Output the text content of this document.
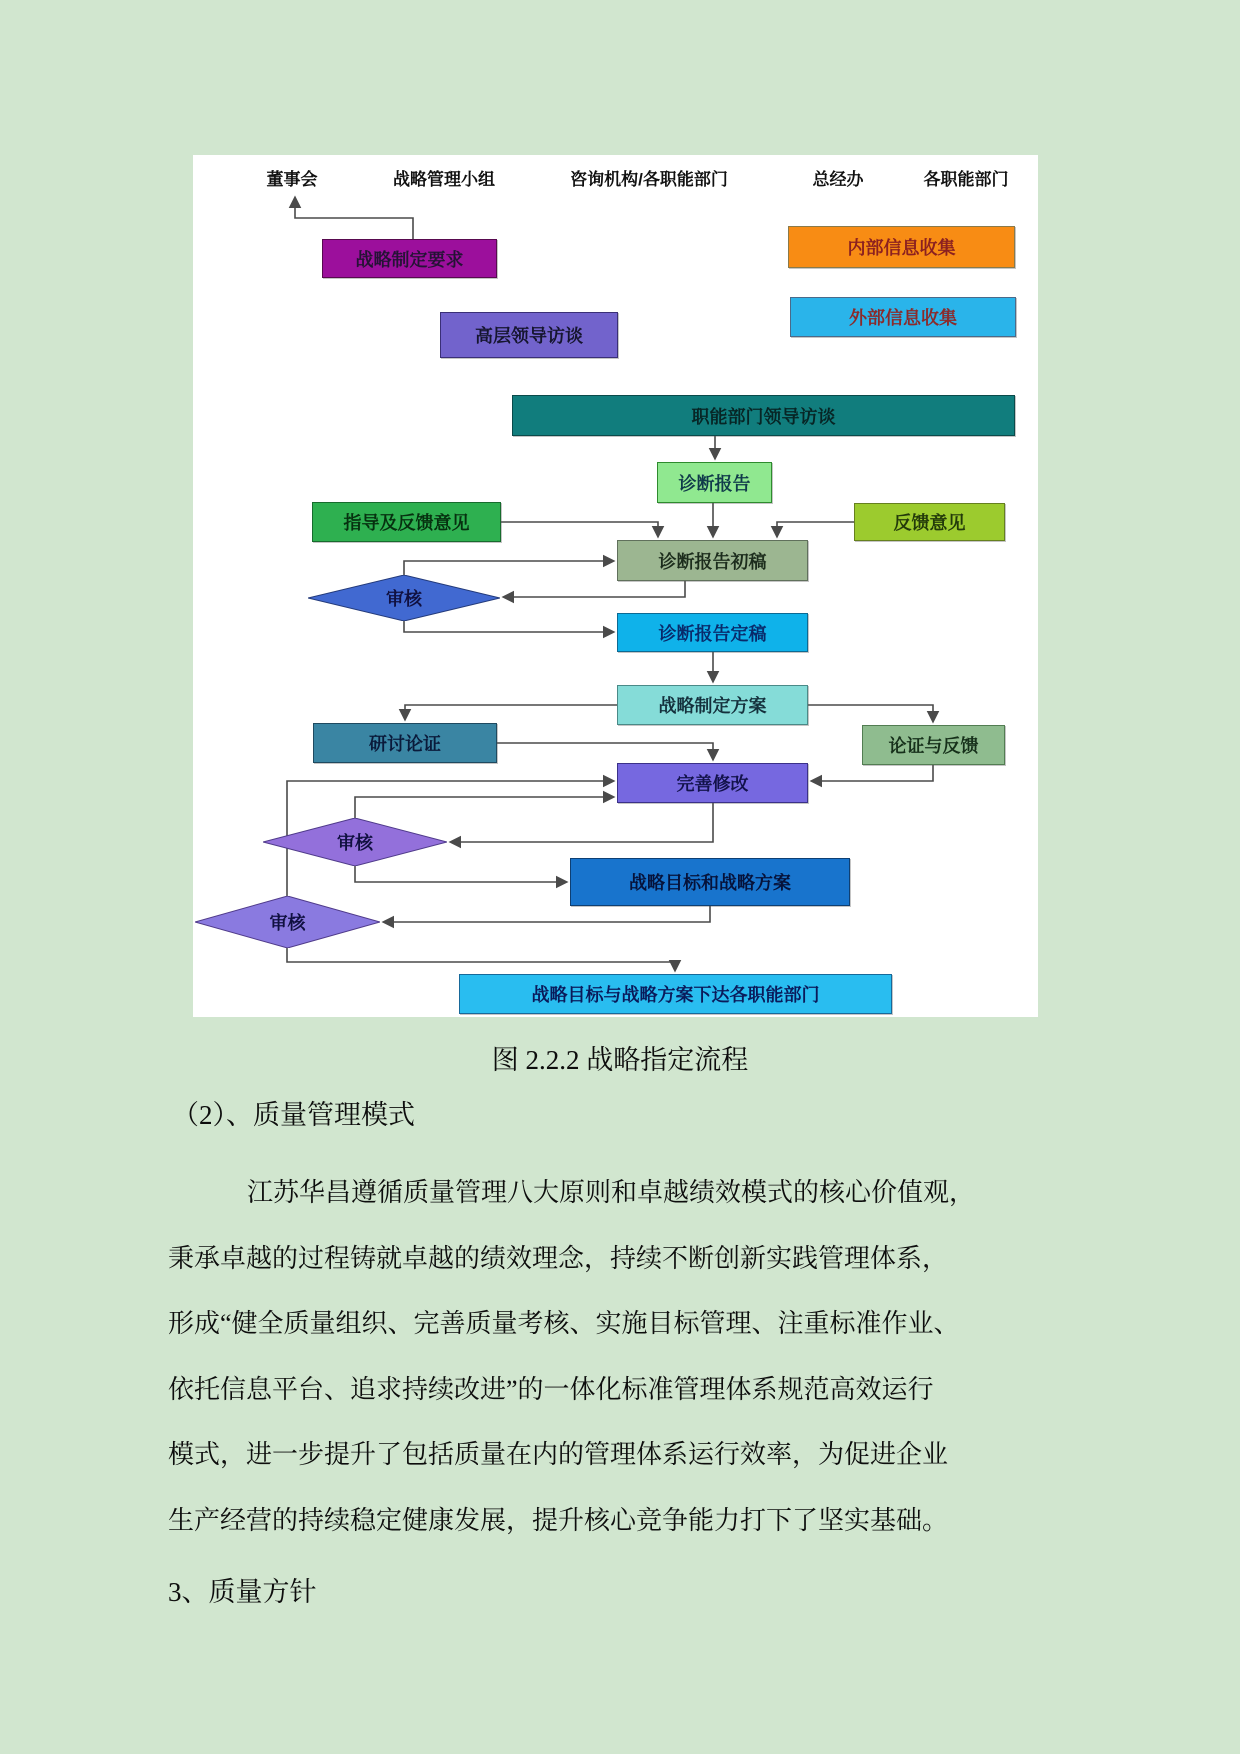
董事会	战略管理小组	咨询机构/各职能部门	总经办	各职能部门
战略制定要求
内部信息收集
外部信息收集
高层领导访谈
职能部门领导访谈
诊断报告
指导及反馈意见	反馈意见
诊断报告初稿
诊断报告定稿
战略制定方案
研讨论证	论证与反馈
完善修改
战略目标和战略方案
战略目标与战略方案下达各职能部门
审核
审核
审核
图 2.2.2 战略指定流程
（2）、质量管理模式
江苏华昌遵循质量管理八大原则和卓越绩效模式的核心价值观，
秉承卓越的过程铸就卓越的绩效理念，持续不断创新实践管理体系，
形成“健全质量组织、完善质量考核、实施目标管理、注重标准作业、
依托信息平台、追求持续改进”的一体化标准管理体系规范高效运行
模式，进一步提升了包括质量在内的管理体系运行效率，为促进企业
生产经营的持续稳定健康发展，提升核心竞争能力打下了坚实基础。
3、质量方针
